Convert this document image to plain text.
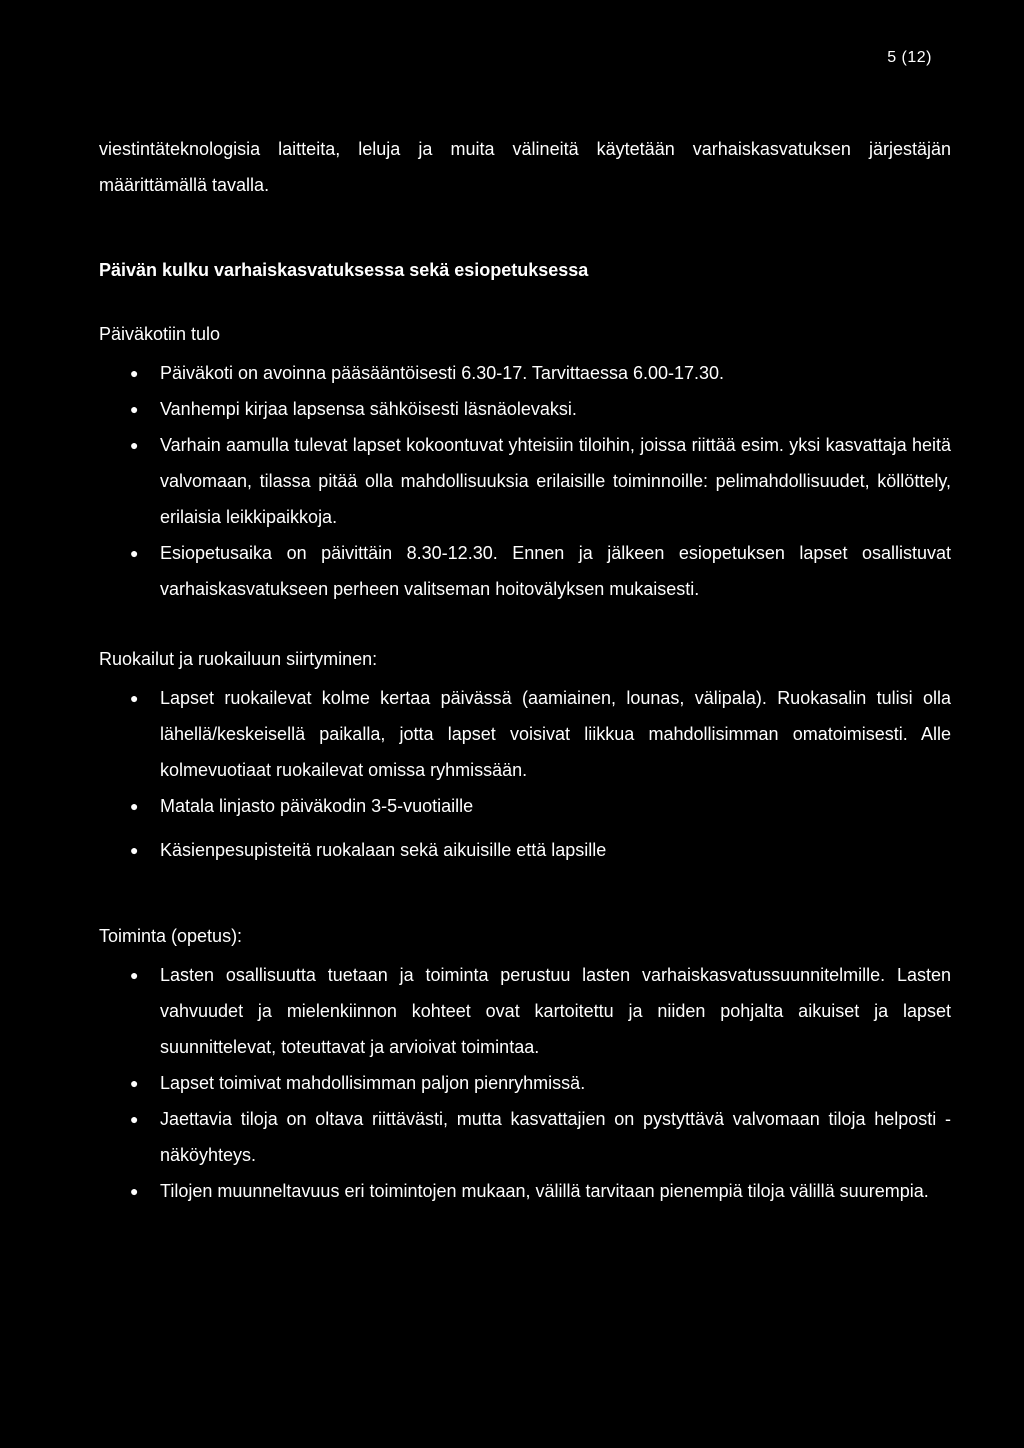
5 (12)

viestintäteknologisia laitteita, leluja ja muita välineitä käytetään varhaiskasvatuksen järjestäjän määrittämällä tavalla.

Päivän kulku varhaiskasvatuksessa sekä esiopetuksessa

Päiväkotiin tulo

● Päiväkoti on avoinna pääsääntöisesti 6.30-17. Tarvittaessa 6.00-17.30.
● Vanhempi kirjaa lapsensa sähköisesti läsnäolevaksi.
● Varhain aamulla tulevat lapset kokoontuvat yhteisiin tiloihin, joissa riittää esim. yksi kasvattaja heitä valvomaan, tilassa pitää olla mahdollisuuksia erilaisille toiminnoille: pelimahdollisuudet, köllöttely, erilaisia leikkipaikkoja.
● Esiopetusaika on päivittäin 8.30-12.30. Ennen ja jälkeen esiopetuksen lapset osallistuvat varhaiskasvatukseen perheen valitseman hoitovälyksen mukaisesti.

Ruokailut ja ruokailuun siirtyminen:

● Lapset ruokailevat kolme kertaa päivässä (aamiainen, lounas, välipala). Ruokasalin tulisi olla lähellä/keskeisellä paikalla, jotta lapset voisivat liikkua mahdollisimman omatoimisesti. Alle kolmevuotiaat ruokailevat omissa ryhmissään.
● Matala linjasto päiväkodin 3-5-vuotiaille
● Käsienpesupisteitä ruokalaan sekä aikuisille että lapsille

Toiminta (opetus):

● Lasten osallisuutta tuetaan ja toiminta perustuu lasten varhaiskasvatussuunnitelmille. Lasten vahvuudet ja mielenkiinnon kohteet ovat kartoitettu ja niiden pohjalta aikuiset ja lapset suunnittelevat, toteuttavat ja arvioivat toimintaa.
● Lapset toimivat mahdollisimman paljon pienryhmissä.
● Jaettavia tiloja on oltava riittävästi, mutta kasvattajien on pystyttävä valvomaan tiloja helposti - näköyhteys.
● Tilojen muunneltavuus eri toimintojen mukaan, välillä tarvitaan pienempiä tiloja välillä suurempia.
